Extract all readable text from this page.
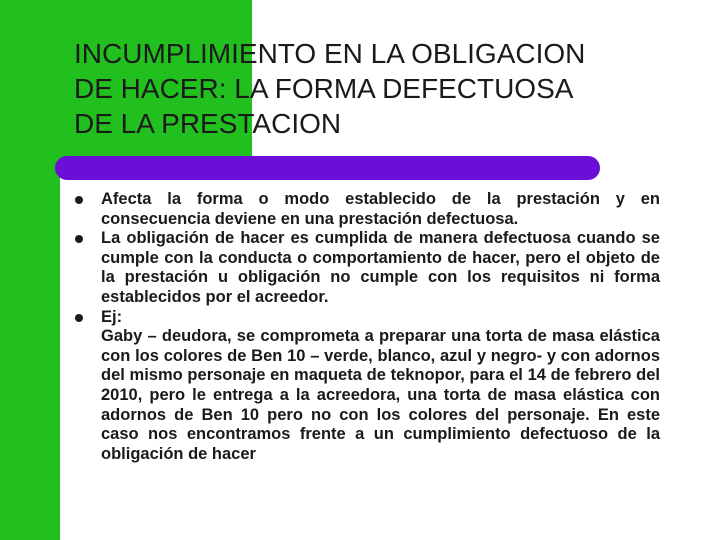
INCUMPLIMIENTO EN LA OBLIGACION
DE HACER: LA FORMA DEFECTUOSA
DE LA PRESTACION
Afecta la forma o modo establecido de la prestación y en consecuencia deviene en una prestación defectuosa.
La obligación de hacer es cumplida de manera defectuosa cuando se cumple con la conducta o comportamiento de hacer, pero el objeto de la prestación u obligación no cumple con los requisitos ni forma establecidos por el acreedor.
Ej:
Gaby – deudora, se comprometa a preparar una torta de masa elástica con los colores de Ben 10 – verde, blanco, azul y negro- y con adornos del mismo personaje en maqueta de teknopor, para el 14 de febrero del 2010, pero le entrega a la acreedora, una torta de masa elástica con adornos de Ben 10 pero no con los colores del personaje. En este caso nos encontramos frente a un cumplimiento defectuoso de la obligación de hacer
